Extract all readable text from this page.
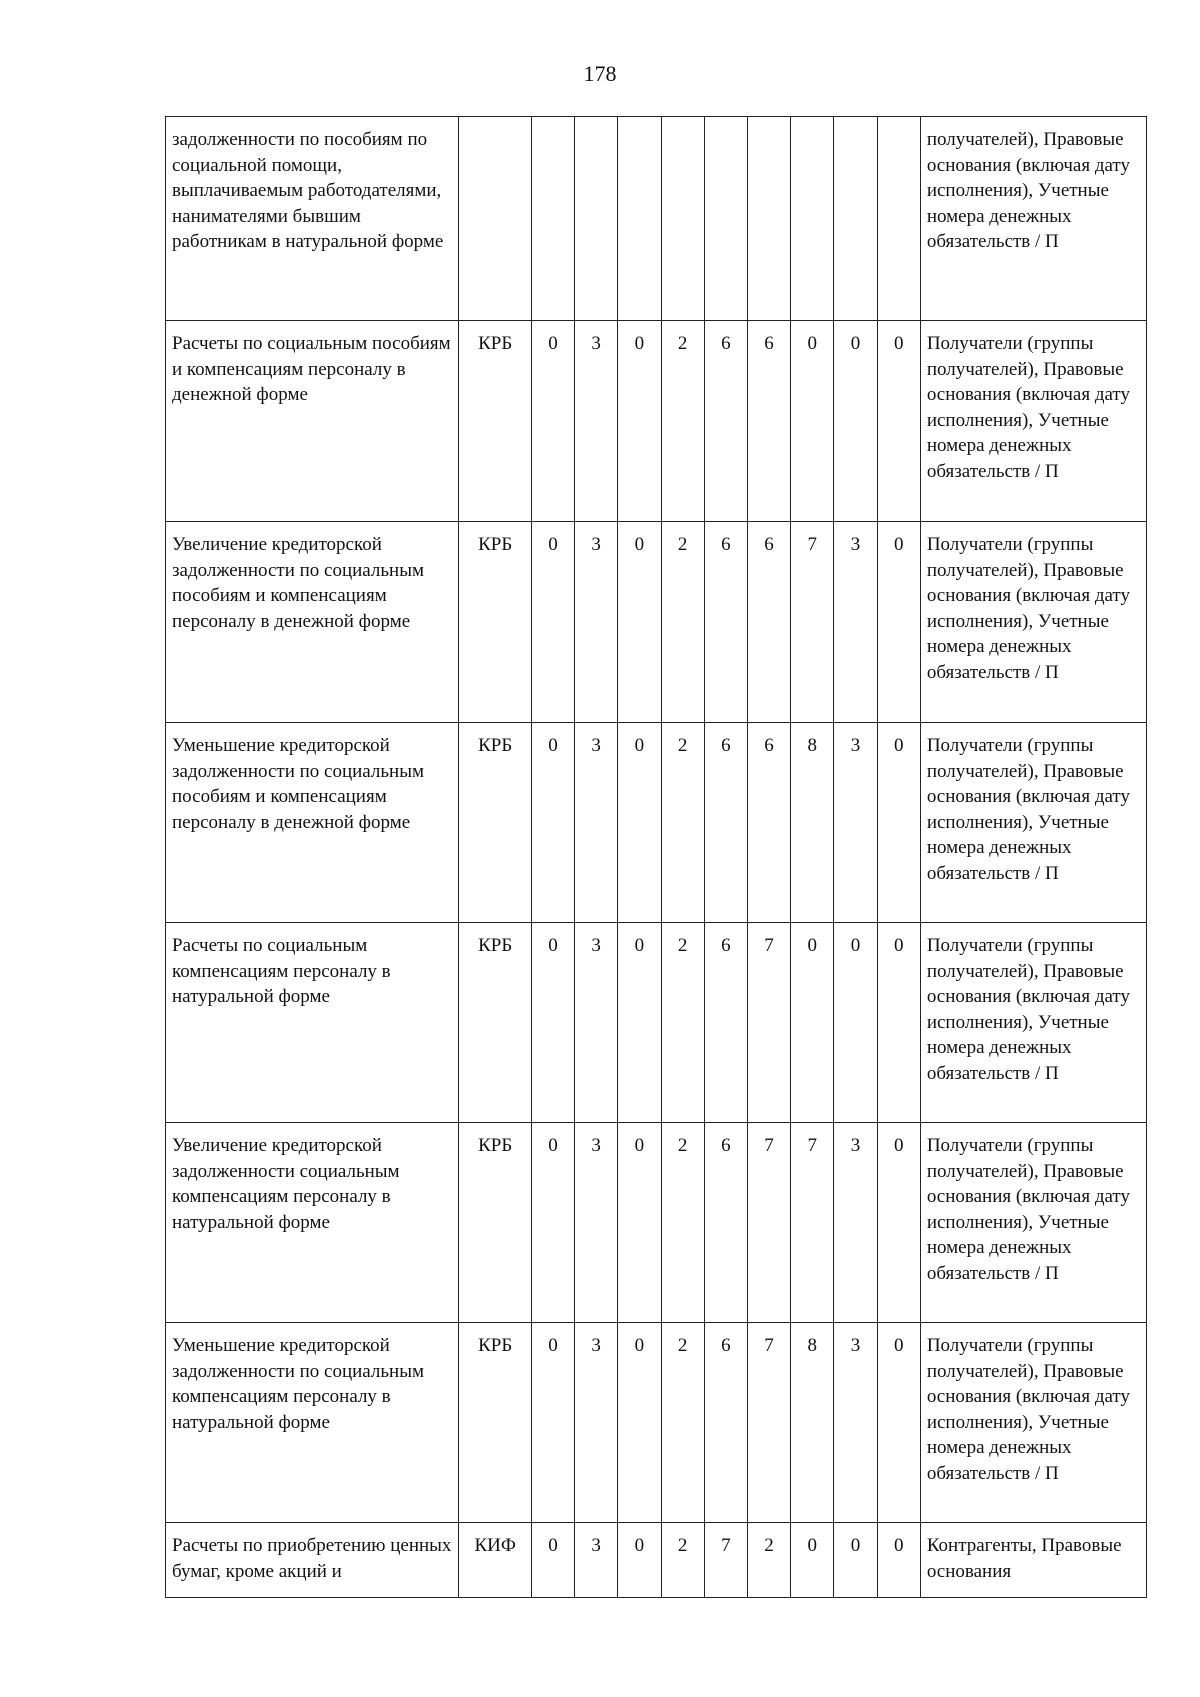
178
задолженности по пособиям по социальной помощи, выплачиваемым работодателями, нанимателями бывшим работникам в натуральной форме											получателей), Правовые основания (включая дату исполнения), Учетные номера денежных обязательств / П
Расчеты по социальным пособиям и компенсациям персоналу в денежной форме	КРБ	0	3	0	2	6	6	0	0	0	Получатели (группы получателей), Правовые основания (включая дату исполнения), Учетные номера денежных обязательств / П
Увеличение кредиторской задолженности по социальным пособиям и компенсациям персоналу в денежной форме	КРБ	0	3	0	2	6	6	7	3	0	Получатели (группы получателей), Правовые основания (включая дату исполнения), Учетные номера денежных обязательств / П
Уменьшение кредиторской задолженности по социальным пособиям и компенсациям персоналу в денежной форме	КРБ	0	3	0	2	6	6	8	3	0	Получатели (группы получателей), Правовые основания (включая дату исполнения), Учетные номера денежных обязательств / П
Расчеты по социальным компенсациям персоналу в натуральной форме	КРБ	0	3	0	2	6	7	0	0	0	Получатели (группы получателей), Правовые основания (включая дату исполнения), Учетные номера денежных обязательств / П
Увеличение кредиторской задолженности социальным компенсациям персоналу в натуральной форме	КРБ	0	3	0	2	6	7	7	3	0	Получатели (группы получателей), Правовые основания (включая дату исполнения), Учетные номера денежных обязательств / П
Уменьшение кредиторской задолженности по социальным компенсациям персоналу в натуральной форме	КРБ	0	3	0	2	6	7	8	3	0	Получатели (группы получателей), Правовые основания (включая дату исполнения), Учетные номера денежных обязательств / П
Расчеты по приобретению ценных бумаг, кроме акций и	КИФ	0	3	0	2	7	2	0	0	0	Контрагенты, Правовые основания
